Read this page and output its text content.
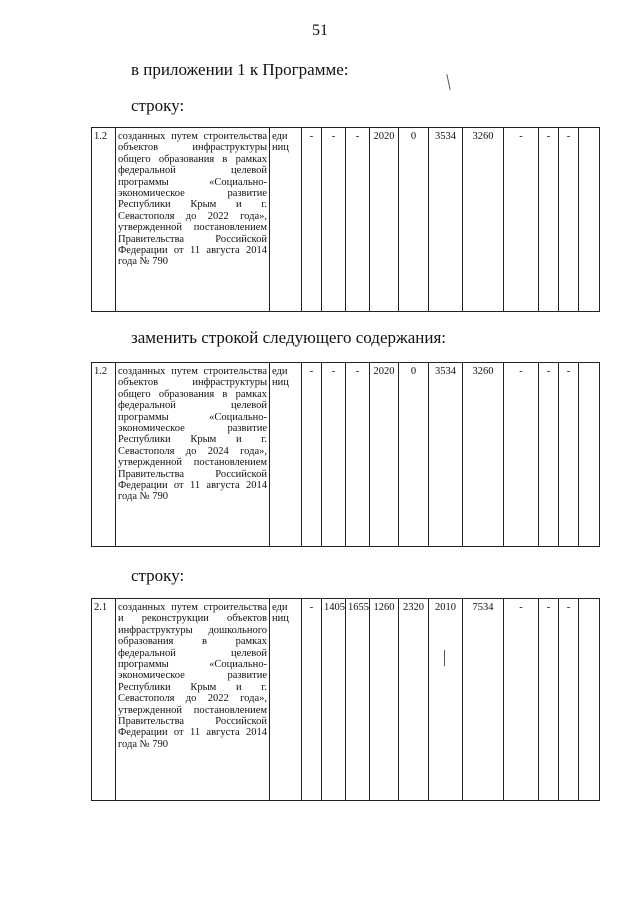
51
в приложении 1 к Программе:
строку:
1.2	созданных путем строительства объектов инфраструктуры общего образования в рамках федеральной целевой программы «Социально-экономическое развитие Республики Крым и г. Севастополя до 2022 года», утвержденной постановлением Правительства Российской Федерации от 11 августа 2014 года № 790	еди ниц	-	-	-	2020	0	3534	3260	-	-	-	
заменить строкой следующего содержания:
1.2	созданных путем строительства объектов инфраструктуры общего образования в рамках федеральной целевой программы «Социально-экономическое развитие Республики Крым и г. Севастополя до 2024 года», утвержденной постановлением Правительства Российской Федерации от 11 августа 2014 года № 790	еди ниц	-	-	-	2020	0	3534	3260	-	-	-	
строку:
2.1	созданных путем строительства и реконструкции объектов инфраструктуры дошкольного образования в рамках федеральной целевой программы «Социально-экономическое развитие Республики Крым и г. Севастополя до 2022 года», утвержденной постановлением Правительства Российской Федерации от 11 августа 2014 года № 790	еди ниц	-	1405	1655	1260	2320	2010	7534	-	-	-	
